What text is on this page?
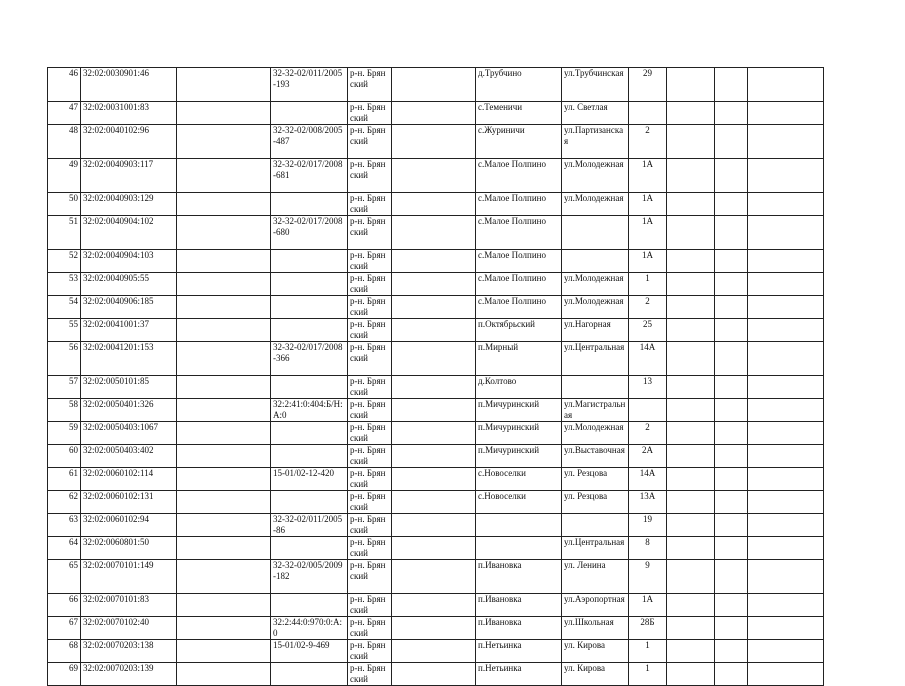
46	32:02:0030901:46		32-32-02/011/2005-193	р-н. Брянский		д.Трубчино	ул.Трубчинская	29			
47	32:02:0031001:83			р-н. Брянский		с.Теменичи	ул. Светлая				
48	32:02:0040102:96		32-32-02/008/2005-487	р-н. Брянский		с.Журиничи	ул.Партизанская	2			
49	32:02:0040903:117		32-32-02/017/2008-681	р-н. Брянский		с.Малое Полпино	ул.Молодежная	1А			
50	32:02:0040903:129			р-н. Брянский		с.Малое Полпино	ул.Молодежная	1А			
51	32:02:0040904:102		32-32-02/017/2008-680	р-н. Брянский		с.Малое Полпино		1А			
52	32:02:0040904:103			р-н. Брянский		с.Малое Полпино		1А			
53	32:02:0040905:55			р-н. Брянский		с.Малое Полпино	ул.Молодежная	1			
54	32:02:0040906:185			р-н. Брянский		с.Малое Полпино	ул.Молодежная	2			
55	32:02:0041001:37			р-н. Брянский		п.Октябрьский	ул.Нагорная	25			
56	32:02:0041201:153		32-32-02/017/2008-366	р-н. Брянский		п.Мирный	ул.Центральная	14А			
57	32:02:0050101:85			р-н. Брянский		д.Колтово		13			
58	32:02:0050401:326		32:2:41:0:404:Б/Н:А:0	р-н. Брянский		п.Мичуринский	ул.Магистральная				
59	32:02:0050403:1067			р-н. Брянский		п.Мичуринский	ул.Молодежная	2			
60	32:02:0050403:402			р-н. Брянский		п.Мичуринский	ул.Выставочная	2А			
61	32:02:0060102:114		15-01/02-12-420	р-н. Брянский		с.Новоселки	ул. Резцова	14А			
62	32:02:0060102:131			р-н. Брянский		с.Новоселки	ул. Резцова	13А			
63	32:02:0060102:94		32-32-02/011/2005-86	р-н. Брянский				19			
64	32:02:0060801:50			р-н. Брянский			ул.Центральная	8			
65	32:02:0070101:149		32-32-02/005/2009-182	р-н. Брянский		п.Ивановка	ул. Ленина	9			
66	32:02:0070101:83			р-н. Брянский		п.Ивановка	ул.Аэропортная	1А			
67	32:02:0070102:40		32:2:44:0:970:0:А:0	р-н. Брянский		п.Ивановка	ул.Школьная	28Б			
68	32:02:0070203:138		15-01/02-9-469	р-н. Брянский		п.Нетьинка	ул. Кирова	1			
69	32:02:0070203:139			р-н. Брянский		п.Нетьинка	ул. Кирова	1			
